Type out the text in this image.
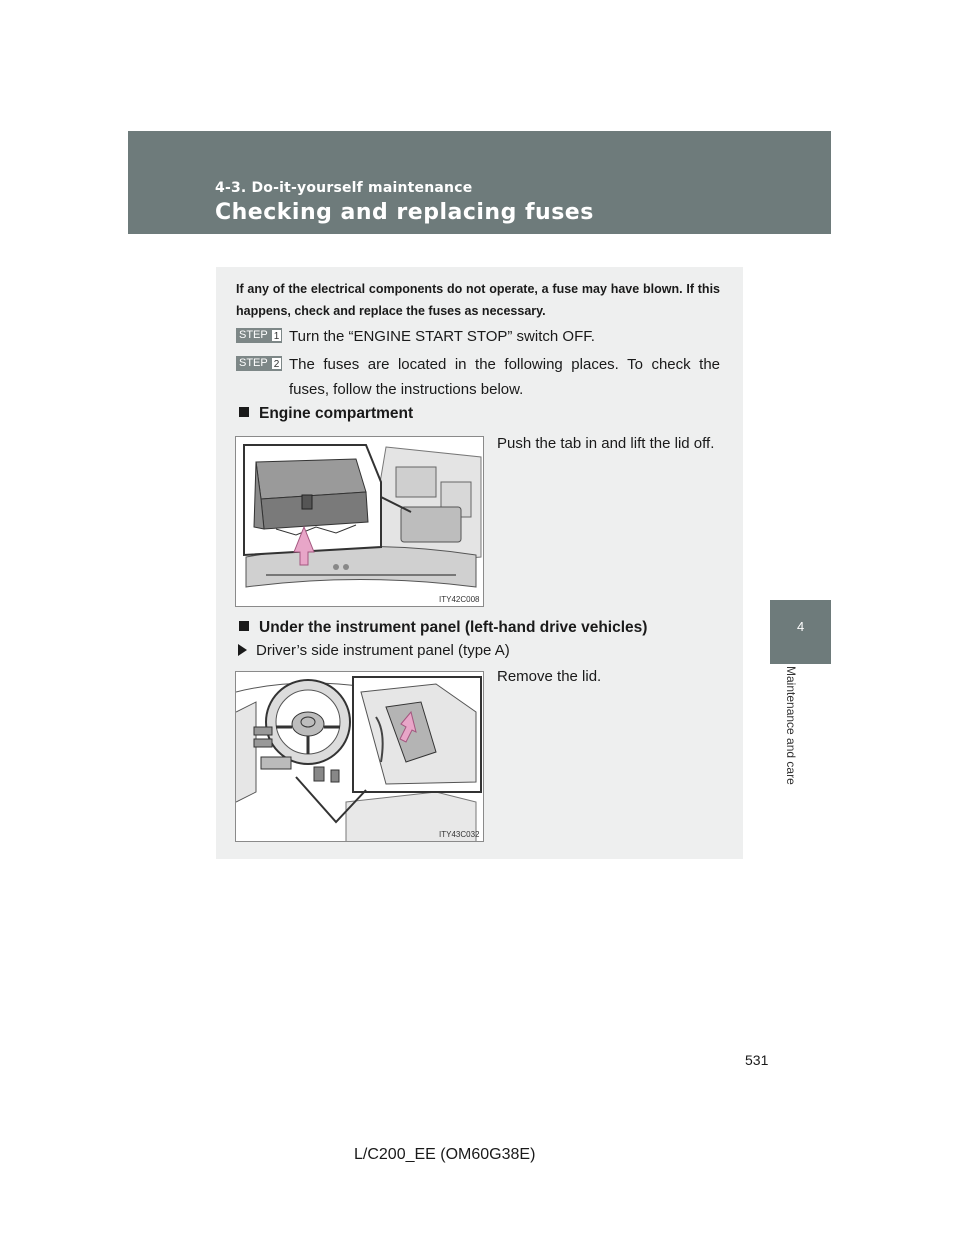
4-3. Do-it-yourself maintenance
Checking and replacing fuses
4
Maintenance and care
If any of the electrical components do not operate, a fuse may have blown. If this happens, check and replace the fuses as necessary.
STEP 1 Turn the “ENGINE START STOP” switch OFF.
STEP 2 The fuses are located in the following places. To check the fuses, follow the instructions below.
Engine compartment
ITY42C008
Push the tab in and lift the lid off.
Under the instrument panel (left-hand drive vehicles)
Driver’s side instrument panel (type A)
ITY43C032
Remove the lid.
531
L/C200_EE (OM60G38E)
